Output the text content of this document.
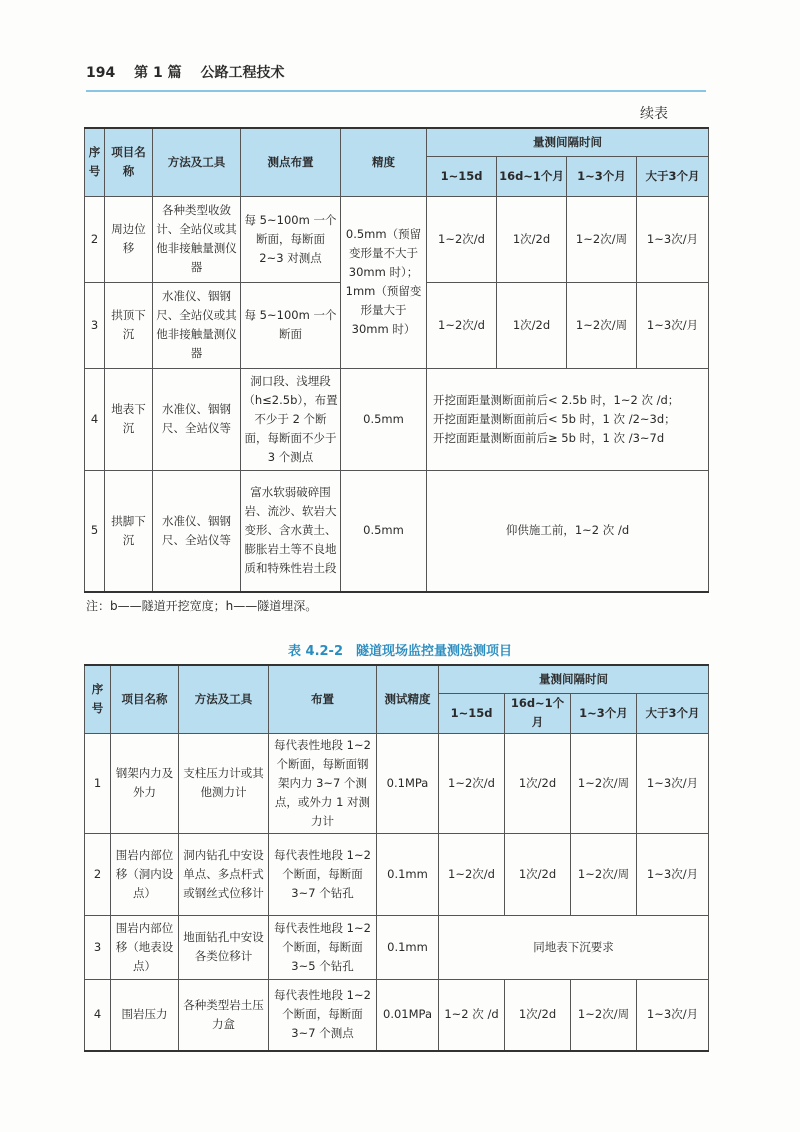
194 第 1 篇 公路工程技术
续表
序号	项目名称	方法及工具	测点布置	精度	量测间隔时间			
					1~15d	16d~1个月	1~3个月	大于3个月
2	周边位移	各种类型收敛计、全站仪或其他非接触量测仪器	每 5~100m 一个断面，每断面 2~3 对测点	0.5mm（预留变形量不大于 30mm 时）；1mm（预留变形量大于 30mm 时）	1~2次/d	1次/2d	1~2次/周	1~3次/月
3	拱顶下沉	水准仪、铟钢尺、全站仪或其他非接触量测仪器	每 5~100m 一个断面		1~2次/d	1次/2d	1~2次/周	1~3次/月
4	地表下沉	水准仪、铟钢尺、全站仪等	洞口段、浅埋段（h≤2.5b），布置不少于 2 个断面，每断面不少于 3 个测点	0.5mm	开挖面距量测断面前后< 2.5b 时，1~2 次 /d；
开挖面距量测断面前后< 5b 时，1 次 /2~3d；
开挖面距量测断面前后≥ 5b 时，1 次 /3~7d			

5	拱脚下沉	水准仪、铟钢尺、全站仪等	富水软弱破碎围岩、流沙、软岩大变形、含水黄土、膨胀岩土等不良地质和特殊性岩土段	0.5mm	仰供施工前，1~2 次 /d			
注：b——隧道开挖宽度；h——隧道埋深。
表 4.2-2　隧道现场监控量测选测项目
序号	项目名称	方法及工具	布置	测试精度	量测间隔时间			
					1~15d	16d~1个月	1~3个月	大于3个月
1	钢架内力及外力	支柱压力计或其他测力计	每代表性地段 1~2 个断面，每断面钢架内力 3~7 个测点，或外力 1 对测力计	0.1MPa	1~2次/d	1次/2d	1~2次/周	1~3次/月
2	围岩内部位移（洞内设点）	洞内钻孔中安设单点、多点杆式或钢丝式位移计	每代表性地段 1~2 个断面，每断面 3~7 个钻孔	0.1mm	1~2次/d	1次/2d	1~2次/周	1~3次/月
3	围岩内部位移（地表设点）	地面钻孔中安设各类位移计	每代表性地段 1~2 个断面，每断面 3~5 个钻孔	0.1mm	同地表下沉要求			
4	围岩压力	各种类型岩土压力盒	每代表性地段 1~2 个断面，每断面 3~7 个测点	0.01MPa	1~2 次 /d	1次/2d	1~2次/周	1~3次/月
